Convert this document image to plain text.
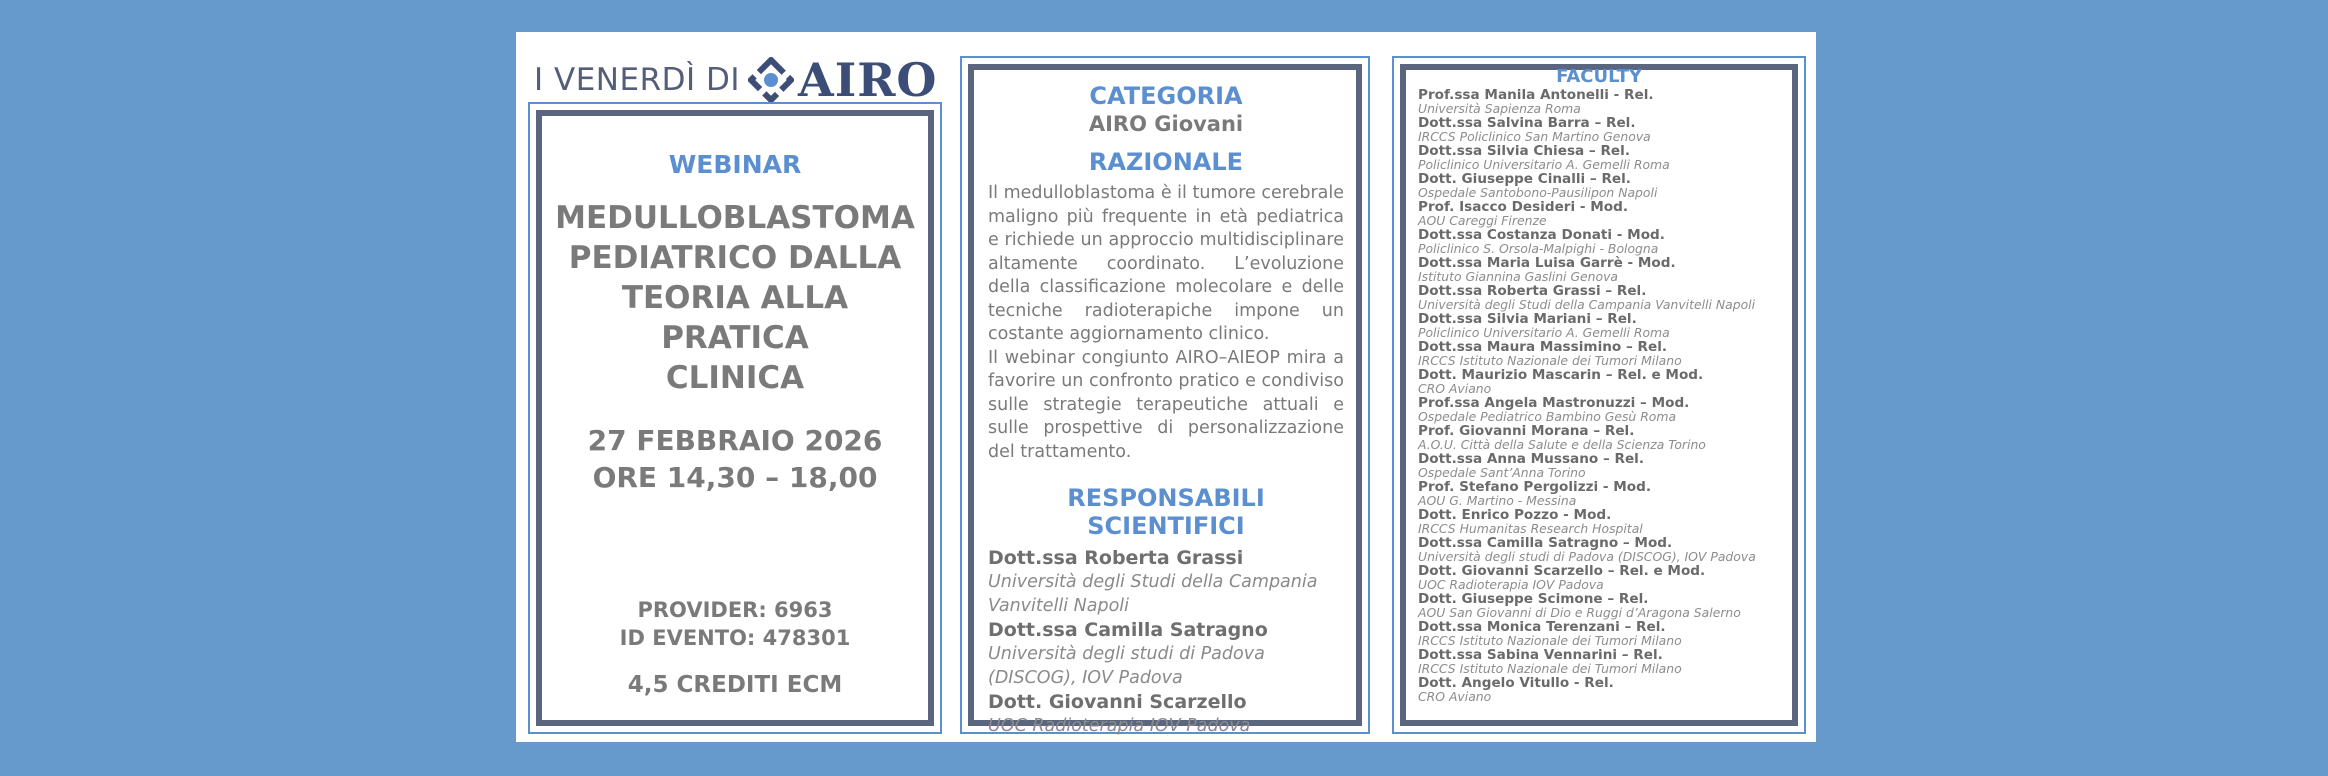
I VENERDÌ DI AIRO
WEBINAR
MEDULLOBLASTOMA
PEDIATRICO DALLA
TEORIA ALLA PRATICA
CLINICA
27 FEBBRAIO 2026
ORE 14,30 – 18,00
PROVIDER: 6963
ID EVENTO: 478301
4,5 CREDITI ECM
CATEGORIA
AIRO Giovani
RAZIONALE
Il medulloblastoma è il tumore cerebrale maligno più frequente in età pediatrica e richiede un approccio multidisciplinare altamente coordinato. L’evoluzione della classificazione molecolare e delle tecniche radioterapiche impone un costante aggiornamento clinico.
Il webinar congiunto AIRO–AIEOP mira a favorire un confronto pratico e condiviso sulle strategie terapeutiche attuali e sulle prospettive di personalizzazione del trattamento.
RESPONSABILI SCIENTIFICI
Dott.ssa Roberta Grassi
Università degli Studi della Campania Vanvitelli Napoli
Dott.ssa Camilla Satragno
Università degli studi di Padova (DISCOG), IOV Padova
Dott. Giovanni Scarzello
UOC Radioterapia IOV Padova
FACULTY
Prof.ssa Manila Antonelli - Rel.
Università Sapienza Roma
Dott.ssa Salvina Barra – Rel.
IRCCS Policlinico San Martino Genova
Dott.ssa Silvia Chiesa – Rel.
Policlinico Universitario A. Gemelli Roma
Dott. Giuseppe Cinalli – Rel.
Ospedale Santobono-Pausilipon Napoli
Prof. Isacco Desideri - Mod.
AOU Careggi Firenze
Dott.ssa Costanza Donati - Mod.
Policlinico S. Orsola-Malpighi - Bologna
Dott.ssa Maria Luisa Garrè - Mod.
Istituto Giannina Gaslini Genova
Dott.ssa Roberta Grassi – Rel.
Università degli Studi della Campania Vanvitelli Napoli
Dott.ssa Silvia Mariani – Rel.
Policlinico Universitario A. Gemelli Roma
Dott.ssa Maura Massimino – Rel.
IRCCS Istituto Nazionale dei Tumori Milano
Dott. Maurizio Mascarin – Rel. e Mod.
CRO Aviano
Prof.ssa Angela Mastronuzzi – Mod.
Ospedale Pediatrico Bambino Gesù Roma
Prof. Giovanni Morana – Rel.
A.O.U. Città della Salute e della Scienza Torino
Dott.ssa Anna Mussano – Rel.
Ospedale Sant’Anna Torino
Prof. Stefano Pergolizzi - Mod.
AOU G. Martino - Messina
Dott. Enrico Pozzo - Mod.
IRCCS Humanitas Research Hospital
Dott.ssa Camilla Satragno – Mod.
Università degli studi di Padova (DISCOG), IOV Padova
Dott. Giovanni Scarzello – Rel. e Mod.
UOC Radioterapia IOV Padova
Dott. Giuseppe Scimone – Rel.
AOU San Giovanni di Dio e Ruggi d’Aragona Salerno
Dott.ssa Monica Terenzani – Rel.
IRCCS Istituto Nazionale dei Tumori Milano
Dott.ssa Sabina Vennarini – Rel.
IRCCS Istituto Nazionale dei Tumori Milano
Dott. Angelo Vitullo - Rel.
CRO Aviano
